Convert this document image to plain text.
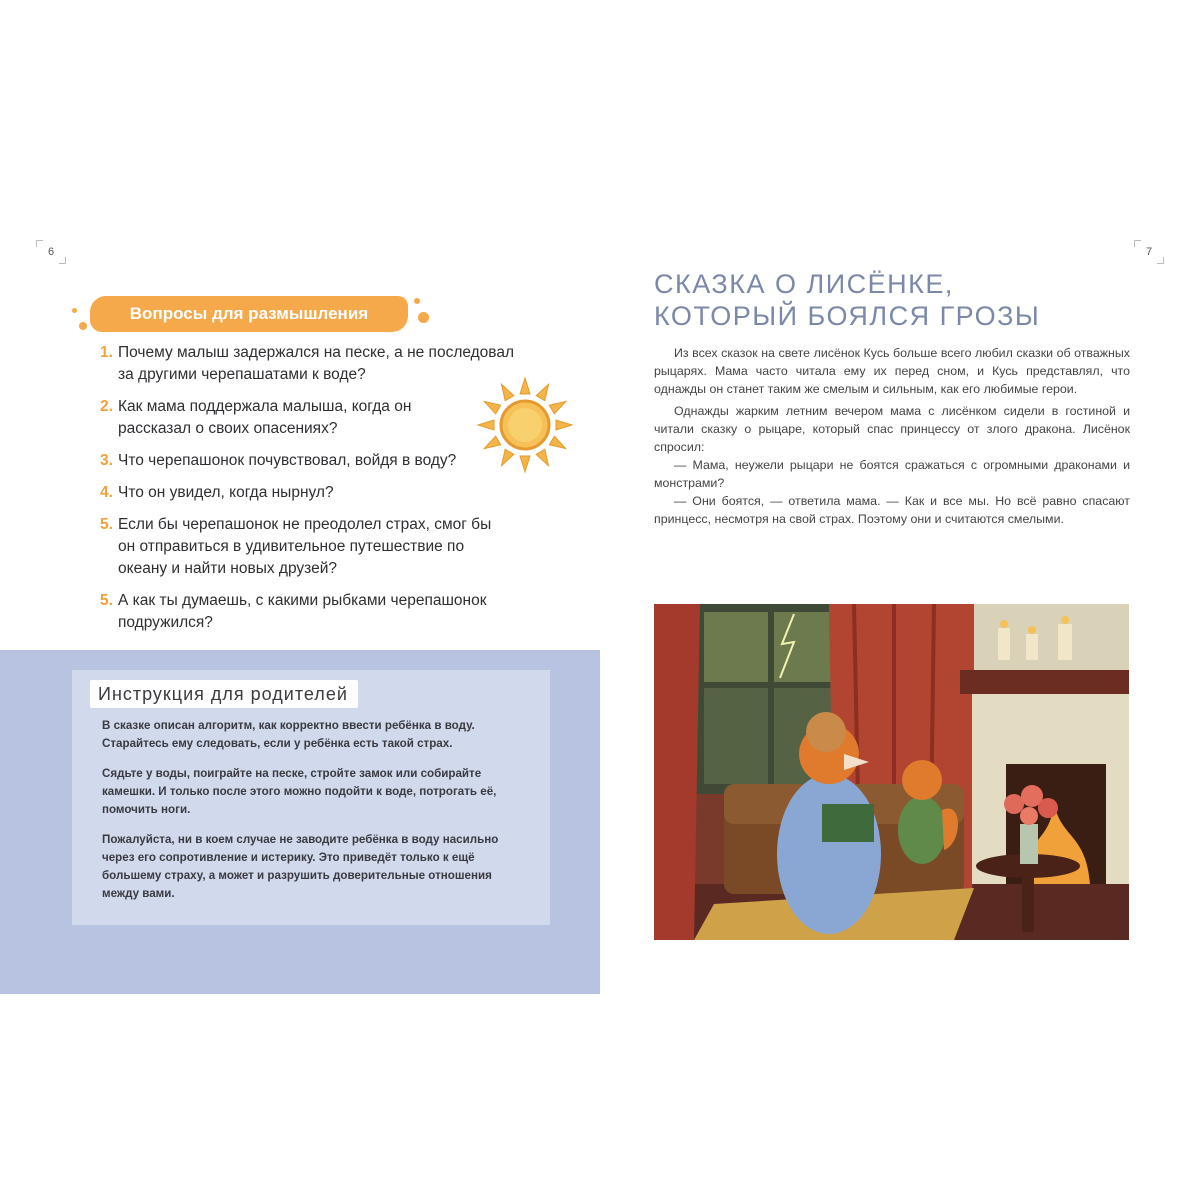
6
Вопросы для размышления
1. Почему малыш задержался на песке, а не последовал за другими черепашатами к воде?
2. Как мама поддержала малыша, когда он рассказал о своих опасениях?
3. Что черепашонок почувствовал, войдя в воду?
4. Что он увидел, когда нырнул?
5. Если бы черепашонок не преодолел страх, смог бы он отправиться в удивительное путешествие по океану и найти новых друзей?
5. А как ты думаешь, с какими рыбками черепашонок подружился?
Инструкция для родителей

В сказке описан алгоритм, как корректно ввести ребёнка в воду. Старайтесь ему следовать, если у ребёнка есть такой страх.

Сядьте у воды, поиграйте на песке, стройте замок или собирайте камешки. И только после этого можно подойти к воде, потрогать её, помочить ноги.

Пожалуйста, ни в коем случае не заводите ребёнка в воду насильно через его сопротивление и истерику. Это приведёт только к ещё большему страху, а может и разрушить доверительные отношения между вами.

7
СКАЗКА О ЛИСЁНКЕ,
КОТОРЫЙ БОЯЛСЯ ГРОЗЫ

Из всех сказок на свете лисёнок Кусь больше всего любил сказки об отважных рыцарях. Мама часто читала ему их перед сном, и Кусь представлял, что однажды он станет таким же смелым и сильным, как его любимые герои.

Однажды жарким летним вечером мама с лисёнком сидели в гостиной и читали сказку о рыцаре, который спас принцессу от злого дракона. Лисёнок спросил:

— Мама, неужели рыцари не боятся сражаться с огромными драконами и монстрами?

— Они боятся, — ответила мама. — Как и все мы. Но всё равно спасают принцесс, несмотря на свой страх. Поэтому они и считаются смелыми.
